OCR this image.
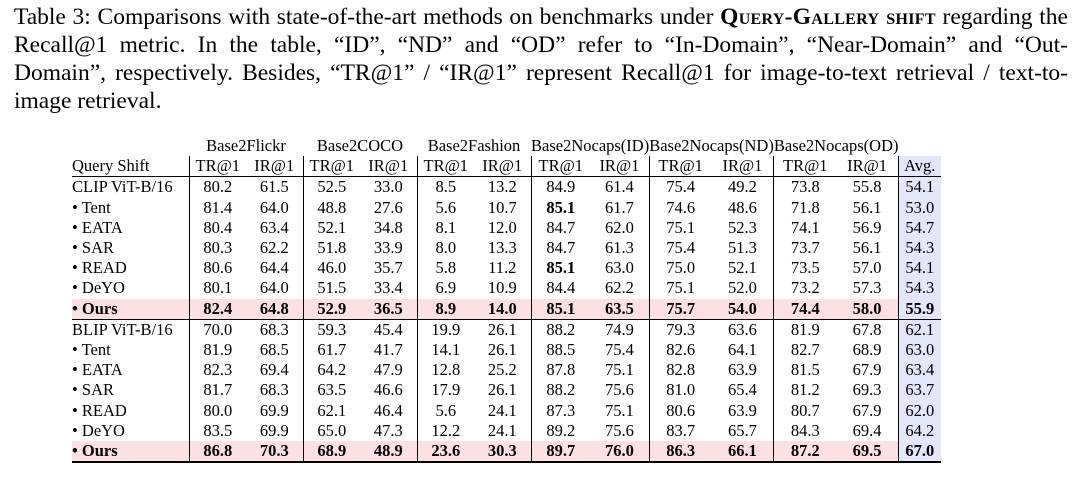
Table 3: Comparisons with state-of-the-art methods on benchmarks under Query-Gallery shift regarding the Recall@1 metric. In the table, “ID”, “ND” and “OD” refer to “In-Domain”, “Near-Domain” and “Out-Domain”, respectively. Besides, “TR@1” / “IR@1” represent Recall@1 for image-to-text retrieval / text-to-image retrieval.
	Base2Flickr		Base2COCO		Base2Fashion		Base2Nocaps(ID)		Base2Nocaps(ND)		Base2Nocaps(OD)		
Query Shift	TR@1	IR@1	TR@1	IR@1	TR@1	IR@1	TR@1	IR@1	TR@1	IR@1	TR@1	IR@1	Avg.
CLIP ViT-B/16	80.2	61.5	52.5	33.0	8.5	13.2	84.9	61.4	75.4	49.2	73.8	55.8	54.1
• Tent	81.4	64.0	48.8	27.6	5.6	10.7	85.1	61.7	74.6	48.6	71.8	56.1	53.0
• EATA	80.4	63.4	52.1	34.8	8.1	12.0	84.7	62.0	75.1	52.3	74.1	56.9	54.7
• SAR	80.3	62.2	51.8	33.9	8.0	13.3	84.7	61.3	75.4	51.3	73.7	56.1	54.3
• READ	80.6	64.4	46.0	35.7	5.8	11.2	85.1	63.0	75.0	52.1	73.5	57.0	54.1
• DeYO	80.1	64.0	51.5	33.4	6.9	10.9	84.4	62.2	75.1	52.0	73.2	57.3	54.3
• Ours	82.4	64.8	52.9	36.5	8.9	14.0	85.1	63.5	75.7	54.0	74.4	58.0	55.9
BLIP ViT-B/16	70.0	68.3	59.3	45.4	19.9	26.1	88.2	74.9	79.3	63.6	81.9	67.8	62.1
• Tent	81.9	68.5	61.7	41.7	14.1	26.1	88.5	75.4	82.6	64.1	82.7	68.9	63.0
• EATA	82.3	69.4	64.2	47.9	12.8	25.2	87.8	75.1	82.8	63.9	81.5	67.9	63.4
• SAR	81.7	68.3	63.5	46.6	17.9	26.1	88.2	75.6	81.0	65.4	81.2	69.3	63.7
• READ	80.0	69.9	62.1	46.4	5.6	24.1	87.3	75.1	80.6	63.9	80.7	67.9	62.0
• DeYO	83.5	69.9	65.0	47.3	12.2	24.1	89.2	75.6	83.7	65.7	84.3	69.4	64.2
• Ours	86.8	70.3	68.9	48.9	23.6	30.3	89.7	76.0	86.3	66.1	87.2	69.5	67.0
